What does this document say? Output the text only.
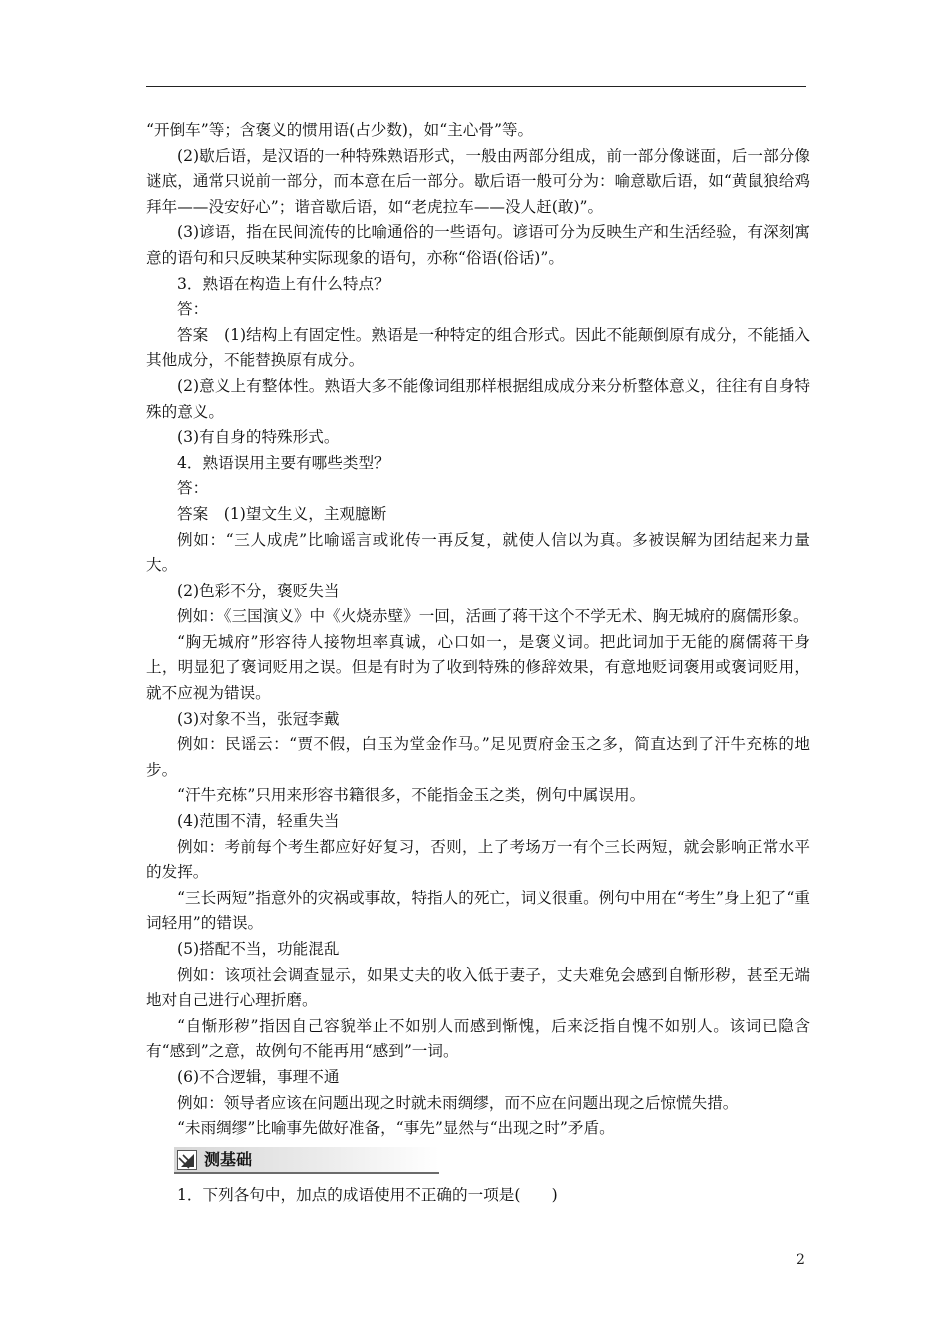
“开倒车”等；含褒义的惯用语(占少数)，如“主心骨”等。

(2)歇后语，是汉语的一种特殊熟语形式，一般由两部分组成，前一部分像谜面，后一部分像谜底，通常只说前一部分，而本意在后一部分。歇后语一般可分为：喻意歇后语，如“黄鼠狼给鸡拜年——没安好心”；谐音歇后语，如“老虎拉车——没人赶(敢)”。

(3)谚语，指在民间流传的比喻通俗的一些语句。谚语可分为反映生产和生活经验，有深刻寓意的语句和只反映某种实际现象的语句，亦称“俗语(俗话)”。

3．熟语在构造上有什么特点？

答：

答案　(1)结构上有固定性。熟语是一种特定的组合形式。因此不能颠倒原有成分，不能插入其他成分，不能替换原有成分。

(2)意义上有整体性。熟语大多不能像词组那样根据组成成分来分析整体意义，往往有自身特殊的意义。

(3)有自身的特殊形式。

4．熟语误用主要有哪些类型？

答：

答案　(1)望文生义，主观臆断

例如：“三人成虎”比喻谣言或讹传一再反复，就使人信以为真。多被误解为团结起来力量大。

(2)色彩不分，褒贬失当

例如：《三国演义》中《火烧赤壁》一回，活画了蒋干这个不学无术、胸无城府的腐儒形象。

“胸无城府”形容待人接物坦率真诚，心口如一，是褒义词。把此词加于无能的腐儒蒋干身上，明显犯了褒词贬用之误。但是有时为了收到特殊的修辞效果，有意地贬词褒用或褒词贬用，就不应视为错误。

(3)对象不当，张冠李戴

例如：民谣云：“贾不假，白玉为堂金作马。”足见贾府金玉之多，简直达到了汗牛充栋的地步。

“汗牛充栋”只用来形容书籍很多，不能指金玉之类，例句中属误用。

(4)范围不清，轻重失当

例如：考前每个考生都应好好复习，否则，上了考场万一有个三长两短，就会影响正常水平的发挥。

“三长两短”指意外的灾祸或事故，特指人的死亡，词义很重。例句中用在“考生”身上犯了“重词轻用”的错误。

(5)搭配不当，功能混乱

例如：该项社会调查显示，如果丈夫的收入低于妻子，丈夫难免会感到自惭形秽，甚至无端地对自己进行心理折磨。

“自惭形秽”指因自己容貌举止不如别人而感到惭愧，后来泛指自愧不如别人。该词已隐含有“感到”之意，故例句不能再用“感到”一词。

(6)不合逻辑，事理不通

例如：领导者应该在问题出现之时就未雨绸缪，而不应在问题出现之后惊慌失措。

“未雨绸缪”比喻事先做好准备，“事先”显然与“出现之时”矛盾。

测基础

1．下列各句中，加点的成语使用不正确的一项是(　　)

2
